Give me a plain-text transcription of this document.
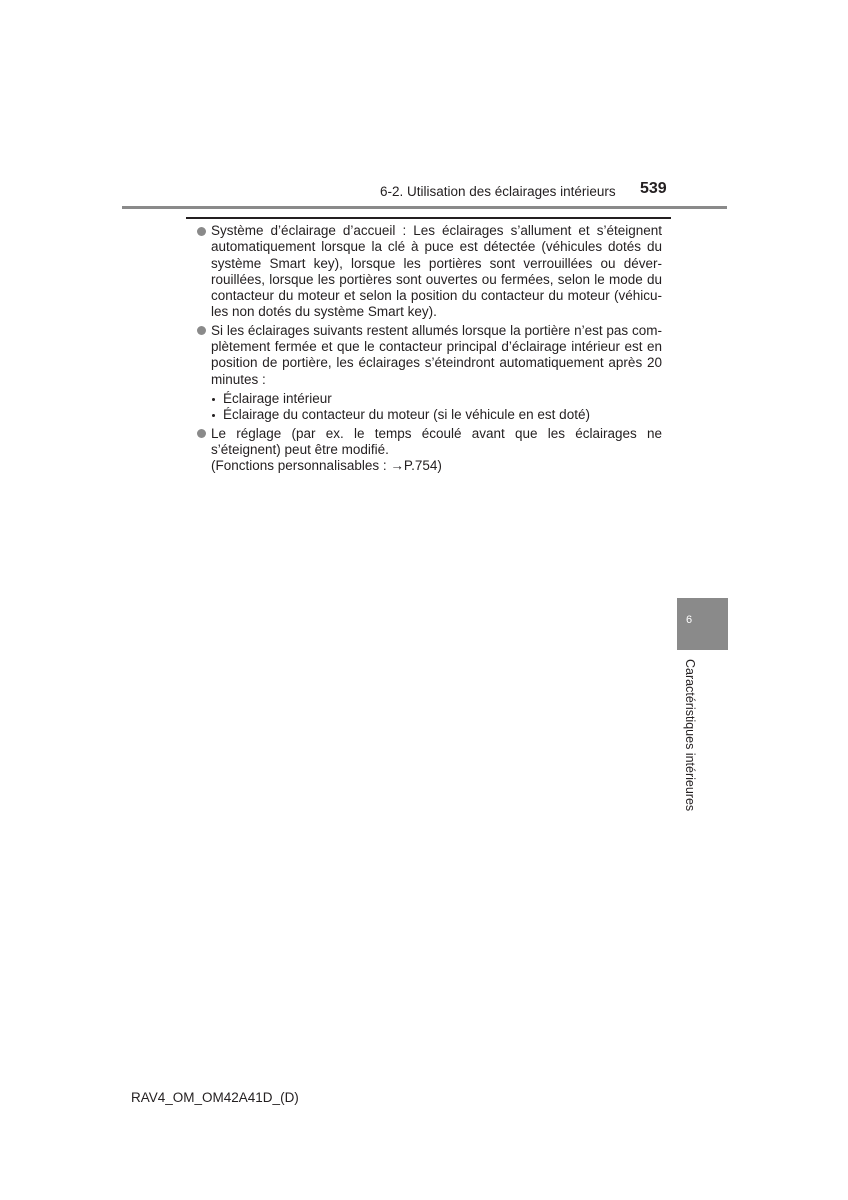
6-2. Utilisation des éclairages intérieurs 539
Système d’éclairage d’accueil : Les éclairages s’allument et s’éteignent automatiquement lorsque la clé à puce est détectée (véhicules dotés du système Smart key), lorsque les portières sont verrouillées ou déver- rouillées, lorsque les portières sont ouvertes ou fermées, selon le mode du contacteur du moteur et selon la position du contacteur du moteur (véhicu- les non dotés du système Smart key).
Si les éclairages suivants restent allumés lorsque la portière n’est pas com- plètement fermée et que le contacteur principal d’éclairage intérieur est en position de portière, les éclairages s’éteindront automatiquement après 20 minutes :
Éclairage intérieur
Éclairage du contacteur du moteur (si le véhicule en est doté)
Le réglage (par ex. le temps écoulé avant que les éclairages ne s’éteignent) peut être modifié.
(Fonctions personnalisables : →P.754)
6
Caractéristiques intérieures
RAV4_OM_OM42A41D_(D)
